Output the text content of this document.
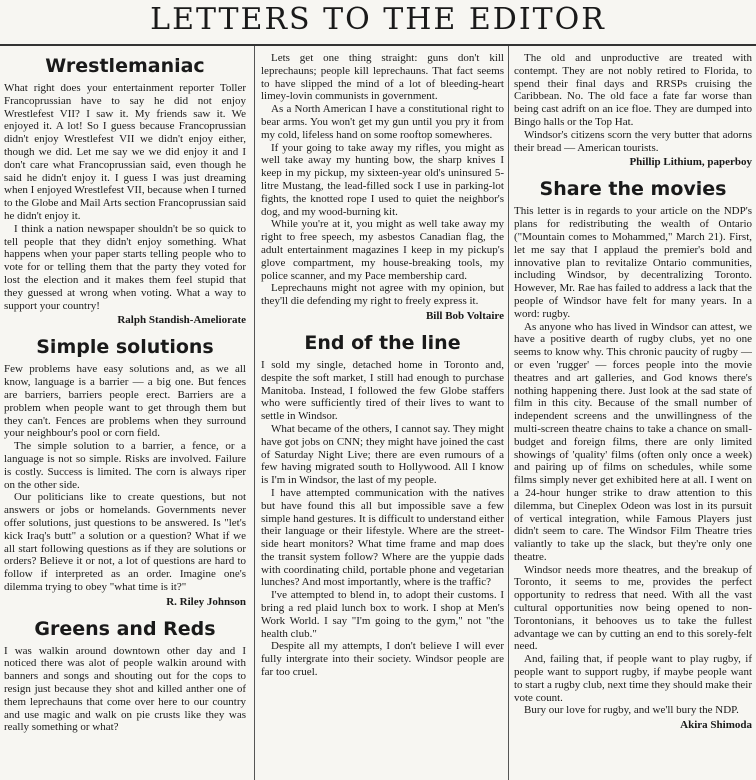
LETTERS TO THE EDITOR
Wrestlemaniac

What right does your entertainment reporter Toller Francoprussian have to say he did not enjoy Wrestlefest VII? I saw it. My friends saw it. We enjoyed it. A lot! So I guess because Francoprussian didn't enjoy Wrestlefest VII we didn't enjoy either, though we did. Let me say we we did enjoy it and I don't care what Francoprussian said, even though he said he didn't enjoy it. I guess I was just dreaming when I enjoyed Wrestlefest VII, because when I turned to the Globe and Mail Arts section Francoprussian said he didn't enjoy it.

I think a nation newspaper shouldn't be so quick to tell people that they didn't enjoy something. What happens when your paper starts telling people who to vote for or telling them that the party they voted for lost the election and it makes them feel stupid that they guessed at wrong when voting. What a way to support your country!

Ralph Standish-Ameliorate
Simple solutions

Few problems have easy solutions and, as we all know, language is a barrier — a big one. But fences are barriers, barriers people erect. Barriers are a problem when people want to get through them but they can't. Fences are problems when they surround your neighbour's pool or corn field.

The simple solution to a barrier, a fence, or a language is not so simple. Risks are involved. Failure is costly. Success is limited. The corn is always riper on the other side.

Our politicians like to create questions, but not answers or jobs or homelands. Governments never offer solutions, just questions to be answered. Is "let's kick Iraq's butt" a solution or a question? What if we all start following questions as if they are solutions or orders? Believe it or not, a lot of questions are hard to follow if interpreted as an order. Imagine one's dilemma trying to obey "what time is it?"

R. Riley Johnson
Greens and Reds

I was walkin around downtown other day and I noticed there was alot of people walkin around with banners and songs and shouting out for the cops to resign just because they shot and killed anther one of them leprechauns that come over here to our country and use magic and walk on pie crusts like they was really something or what?

Lets get one thing straight: guns don't kill leprechauns; people kill leprechauns. That fact seems to have slipped the mind of a lot of bleeding-heart limey-lovin communists in government.

As a North American I have a constitutional right to bear arms. You won't get my gun until you pry it from my cold, lifeless hand on some rooftop somewheres.

If your going to take away my rifles, you might as well take away my hunting bow, the sharp knives I keep in my pickup, my sixteen-year old's uninsured 5-litre Mustang, the lead-filled sock I use in parking-lot fights, the knotted rope I used to quiet the neighbor's dog, and my wood-burning kit.

While you're at it, you might as well take away my right to free speech, my asbestos Canadian flag, the adult entertainment magazines I keep in my pickup's glove compartment, my house-breaking tools, my police scanner, and my Pace membership card.

Leprechauns might not agree with my opinion, but they'll die defending my right to freely express it.

Bill Bob Voltaire
End of the line

I sold my single, detached home in Toronto and, despite the soft market, I still had enough to purchase Manitoba. Instead, I followed the few Globe staffers who were sufficiently tired of their lives to want to settle in Windsor.

What became of the others, I cannot say. They might have got jobs on CNN; they might have joined the cast of Saturday Night Live; there are even rumours of a few having migrated south to Hollywood. All I know is I'm in Windsor, the last of my people.

I have attempted communication with the natives but have found this all but impossible save a few simple hand gestures. It is difficult to understand either their language or their lifestyle. Where are the street-side heart monitors? What time frame and map does the transit system follow? Where are the yuppie dads with coordinating child, portable phone and vegetarian lunches? And most importantly, where is the traffic?

I've attempted to blend in, to adopt their customs. I bring a red plaid lunch box to work. I shop at Men's Work World. I say "I'm going to the gym," not "the health club."

Despite all my attempts, I don't believe I will ever fully intergrate into their society. Windsor people are far too cruel.

The old and unproductive are treated with contempt. They are not nobly retired to Florida, to spend their final days and RRSPs cruising the Caribbean. No. The old face a fate far worse than being cast adrift on an ice floe. They are dumped into Bingo halls or the Top Hat.

Windsor's citizens scorn the very butter that adorns their bread — American tourists.

Phillip Lithium, paperboy
Share the movies

This letter is in regards to your article on the NDP's plans for redistributing the wealth of Ontario ("Mountain comes to Mohammed," March 21). First, let me say that I applaud the premier's bold and innovative plan to revitalize Ontario communities, including Windsor, by decentralizing Toronto. However, Mr. Rae has failed to address a lack that the people of Windsor have felt for many years. In a word: rugby.

As anyone who has lived in Windsor can attest, we have a positive dearth of rugby clubs, yet no one seems to know why. This chronic paucity of rugby — or even 'rugger' — forces people into the movie theatres and art galleries, and God knows there's nothing happening there. Just look at the sad state of film in this city. Because of the small number of independent screens and the unwillingness of the multi-screen theatre chains to take a chance on small-budget and foreign films, there are only limited showings of 'quality' films (often only once a week) and pairing up of films on schedules, while some films simply never get exhibited here at all. I went on a 24-hour hunger strike to draw attention to this dilemma, but Cineplex Odeon was lost in its pursuit of vertical integration, while Famous Players just didn't seem to care. The Windsor Film Theatre tries valiantly to take up the slack, but they're only one theatre.

Windsor needs more theatres, and the breakup of Toronto, it seems to me, provides the perfect opportunity to redress that need. With all the vast cultural opportunities now being opened to non-Torontonians, it behooves us to take the fullest advantage we can by cutting an end to this sorely-felt need.

And, failing that, if people want to play rugby, if people want to support rugby, if maybe people want to start a rugby club, next time they should make their vote count.

Bury our love for rugby, and we'll bury the NDP.

Akira Shimoda
